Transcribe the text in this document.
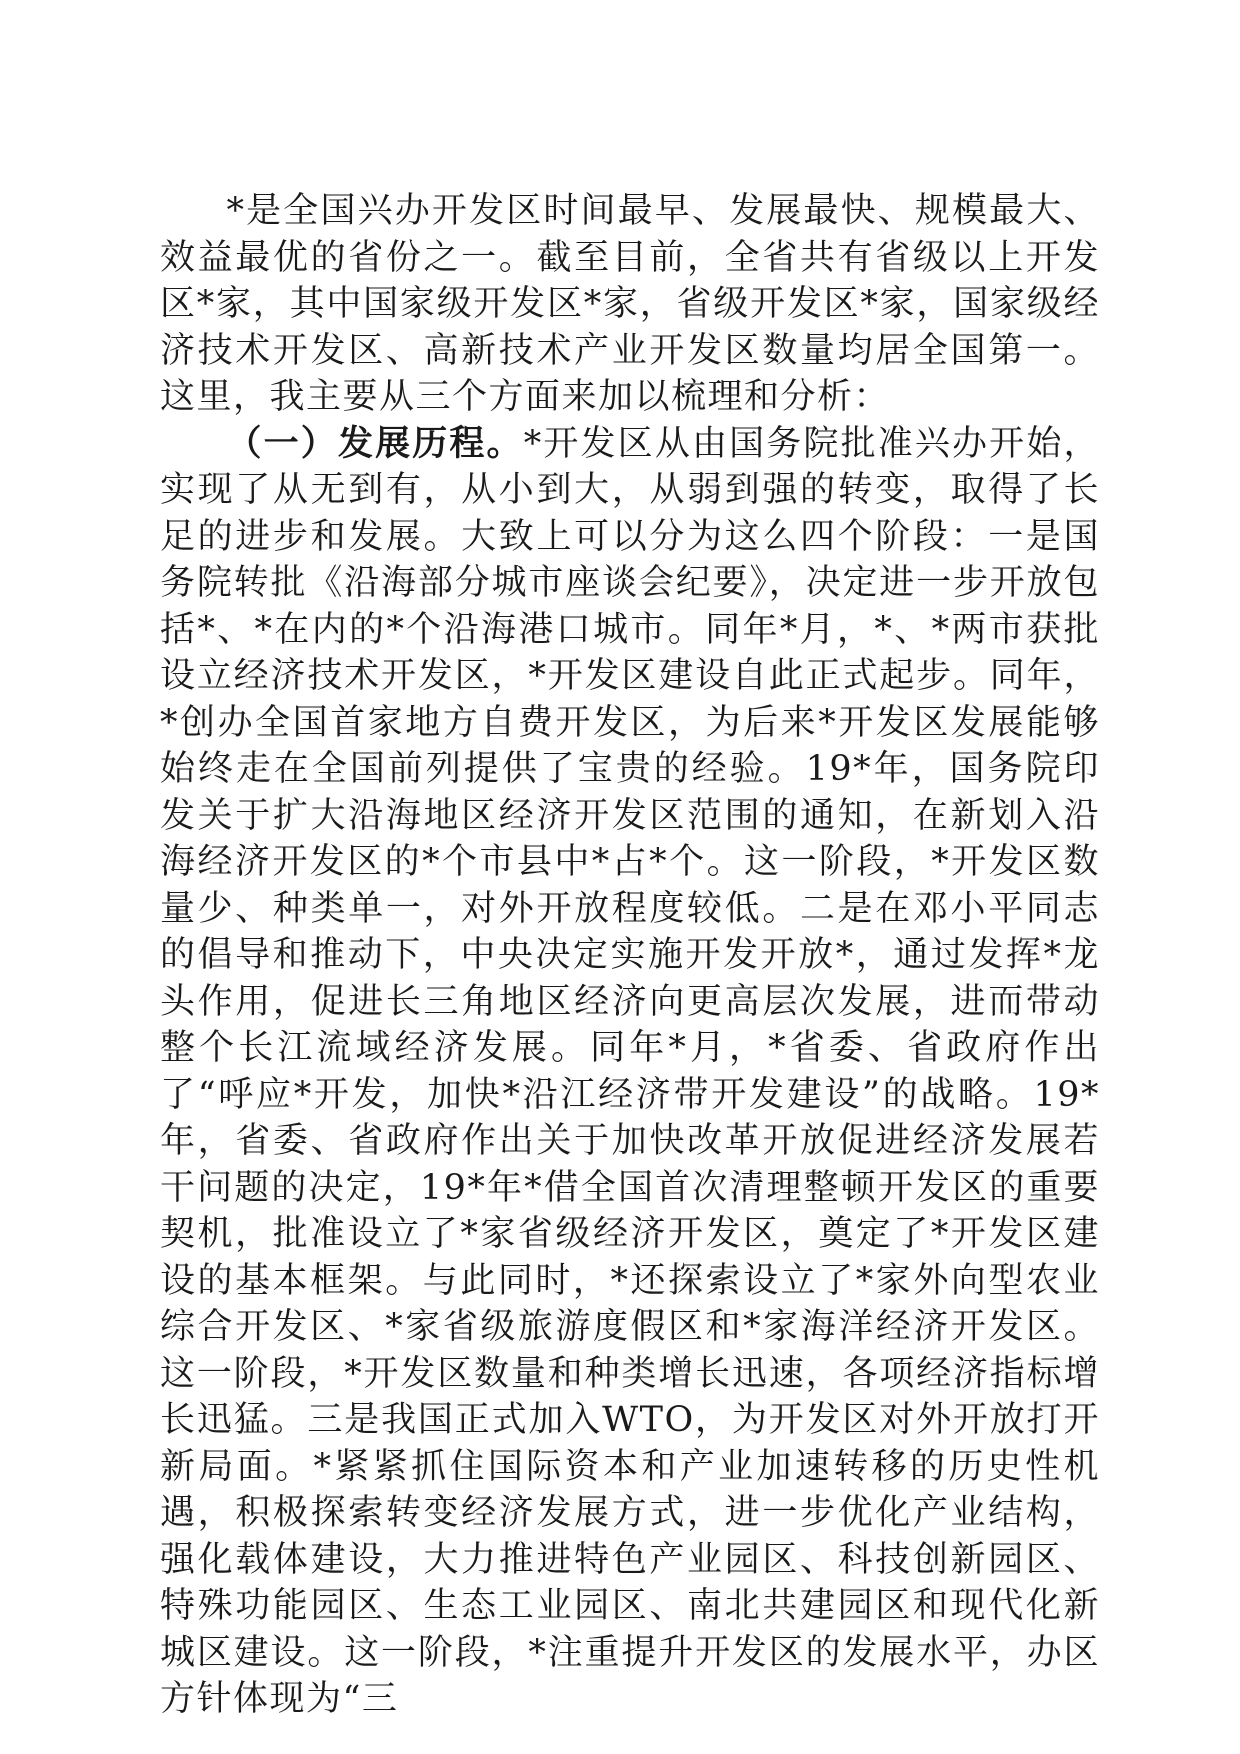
*是全国兴办开发区时间最早、发展最快、规模最大、效益最优的省份之一。截至目前，全省共有省级以上开发区*家，其中国家级开发区*家，省级开发区*家，国家级经济技术开发区、高新技术产业开发区数量均居全国第一。这里，我主要从三个方面来加以梳理和分析：

（一）发展历程。*开发区从由国务院批准兴办开始，实现了从无到有，从小到大，从弱到强的转变，取得了长足的进步和发展。大致上可以分为这么四个阶段：一是国务院转批《沿海部分城市座谈会纪要》，决定进一步开放包括*、*在内的*个沿海港口城市。同年*月，*、*两市获批设立经济技术开发区，*开发区建设自此正式起步。同年，*创办全国首家地方自费开发区，为后来*开发区发展能够始终走在全国前列提供了宝贵的经验。19*年，国务院印发关于扩大沿海地区经济开发区范围的通知，在新划入沿海经济开发区的*个市县中*占*个。这一阶段，*开发区数量少、种类单一，对外开放程度较低。二是在邓小平同志的倡导和推动下，中央决定实施开发开放*，通过发挥*龙头作用，促进长三角地区经济向更高层次发展，进而带动整个长江流域经济发展。同年*月，*省委、省政府作出了“呼应*开发，加快*沿江经济带开发建设”的战略。19*年，省委、省政府作出关于加快改革开放促进经济发展若干问题的决定，19*年*借全国首次清理整顿开发区的重要契机，批准设立了*家省级经济开发区，奠定了*开发区建设的基本框架。与此同时，*还探索设立了*家外向型农业综合开发区、*家省级旅游度假区和*家海洋经济开发区。这一阶段，*开发区数量和种类增长迅速，各项经济指标增长迅猛。三是我国正式加入WTO，为开发区对外开放打开新局面。*紧紧抓住国际资本和产业加速转移的历史性机遇，积极探索转变经济发展方式，进一步优化产业结构，强化载体建设，大力推进特色产业园区、科技创新园区、特殊功能园区、生态工业园区、南北共建园区和现代化新城区建设。这一阶段，*注重提升开发区的发展水平，办区方针体现为“三
